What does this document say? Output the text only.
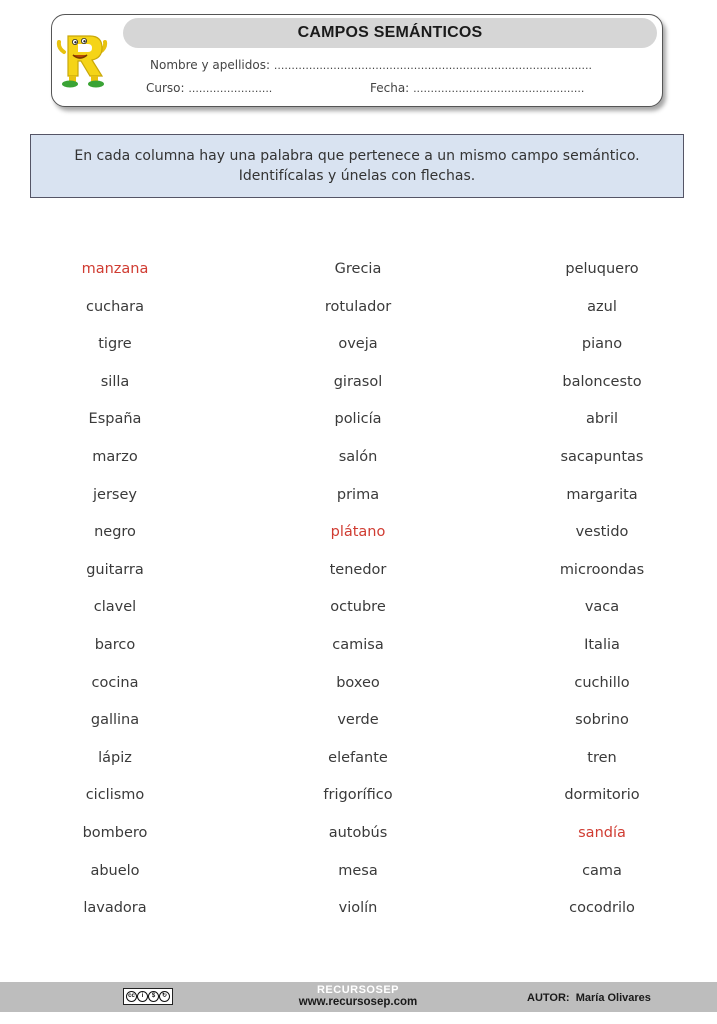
CAMPOS SEMÁNTICOS
Nombre y apellidos: ...........................................................................................
Curso: ........................	Fecha: .................................................
En cada columna hay una palabra que pertenece a un mismo campo semántico.
Identifícalas y únelas con flechas.
manzana
cuchara
tigre
silla
España
marzo
jersey
negro
guitarra
clavel
barco
cocina
gallina
lápiz
ciclismo
bombero
abuelo
lavadora
Grecia
rotulador
oveja
girasol
policía
salón
prima
plátano
tenedor
octubre
camisa
boxeo
verde
elefante
frigorífico
autobús
mesa
violín
peluquero
azul
piano
baloncesto
abril
sacapuntas
margarita
vestido
microondas
vaca
Italia
cuchillo
sobrino
tren
dormitorio
sandía
cama
cocodrilo
cc	i	$	↻	RECURSOSEP
www.recursosep.com	AUTOR: María Olivares
